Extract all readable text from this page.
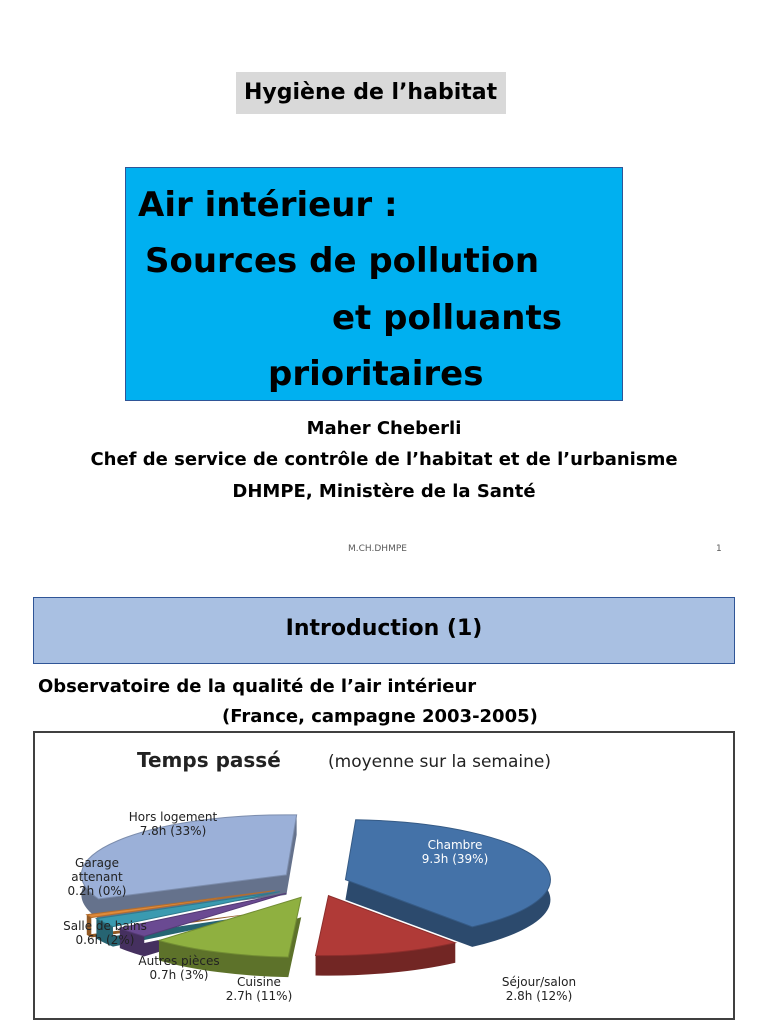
Hygiène de l’habitat
Air intérieur :
Sources de pollution
et polluants
prioritaires
Maher Cheberli
Chef de service de contrôle de l’habitat et de l’urbanisme
DHMPE, Ministère de la Santé
M.CH.DHMPE	1
Introduction (1)
Observatoire de la qualité de l’air intérieur
(France, campagne 2003-2005)
Temps passé	(moyenne sur la semaine)
Chambre
9.3h (39%)
Séjour/salon
2.8h (12%)
Cuisine
2.7h (11%)
Autres pièces
0.7h (3%)
Salle de bains
0.6h (2%)
Garage
attenant
0.2h (0%)
Hors logement
7.8h (33%)
